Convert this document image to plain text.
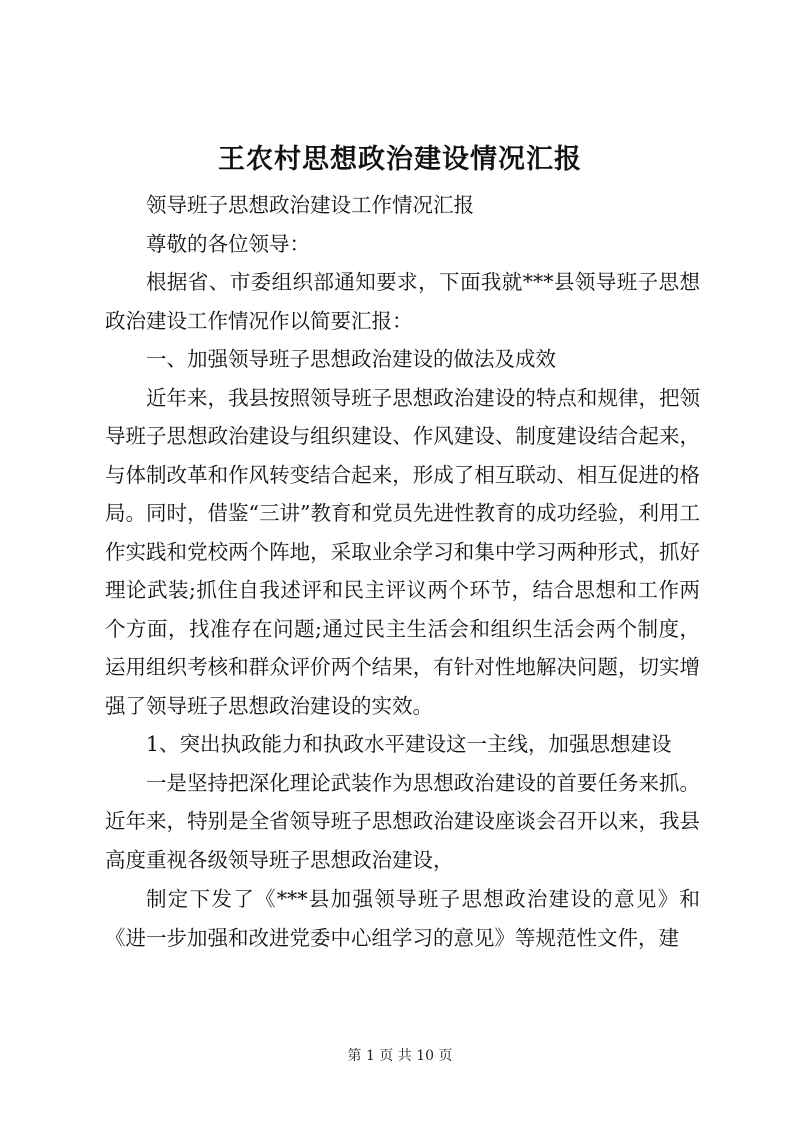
王农村思想政治建设情况汇报

领导班子思想政治建设工作情况汇报

尊敬的各位领导：

根据省、市委组织部通知要求，下面我就***县领导班子思想政治建设工作情况作以简要汇报：

一、加强领导班子思想政治建设的做法及成效

近年来，我县按照领导班子思想政治建设的特点和规律，把领导班子思想政治建设与组织建设、作风建设、制度建设结合起来，与体制改革和作风转变结合起来，形成了相互联动、相互促进的格局。同时，借鉴“三讲”教育和党员先进性教育的成功经验，利用工作实践和党校两个阵地，采取业余学习和集中学习两种形式，抓好理论武装;抓住自我述评和民主评议两个环节，结合思想和工作两个方面，找准存在问题;通过民主生活会和组织生活会两个制度，运用组织考核和群众评价两个结果，有针对性地解决问题，切实增强了领导班子思想政治建设的实效。

1、突出执政能力和执政水平建设这一主线，加强思想建设

一是坚持把深化理论武装作为思想政治建设的首要任务来抓。近年来，特别是全省领导班子思想政治建设座谈会召开以来，我县高度重视各级领导班子思想政治建设，

制定下发了《***县加强领导班子思想政治建设的意见》和《进一步加强和改进党委中心组学习的意见》等规范性文件，建

第 1 页 共 10 页
